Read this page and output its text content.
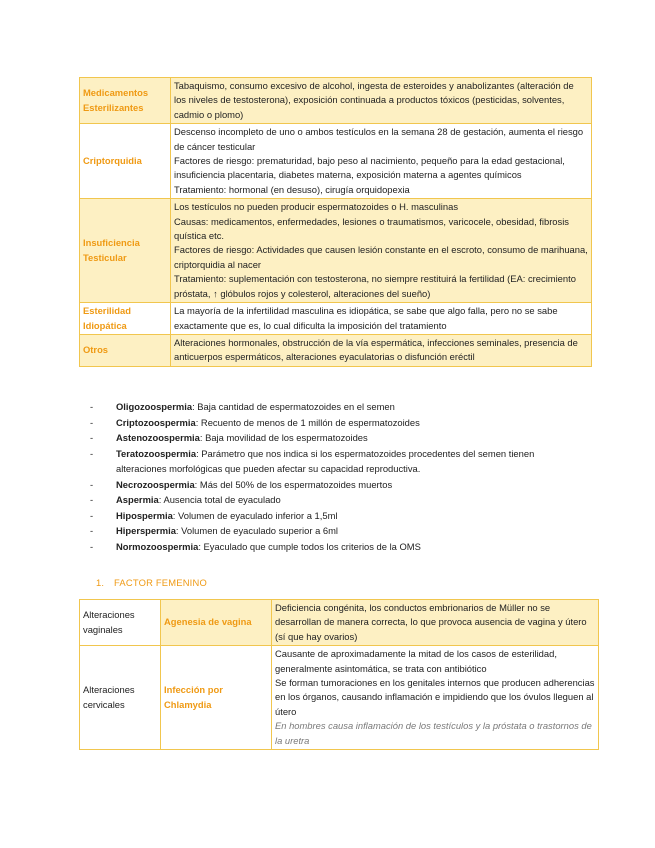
Medicamentos Esterilizantes	Tabaquismo, consumo excesivo de alcohol, ingesta de esteroides y anabolizantes (alteración de los niveles de testosterona), exposición continuada a productos tóxicos (pesticidas, solventes, cadmio o plomo)

Criptorquidia	Descenso incompleto de uno o ambos testículos en la semana 28 de gestación, aumenta el riesgo de cáncer testicular
Factores de riesgo: prematuridad, bajo peso al nacimiento, pequeño para la edad gestacional, insuficiencia placentaria, diabetes materna, exposición materna a agentes químicos
Tratamiento: hormonal (en desuso), cirugía orquidopexia

Insuficiencia Testicular	Los testículos no pueden producir espermatozoides o H. masculinas
Causas: medicamentos, enfermedades, lesiones o traumatismos, varicocele, obesidad, fibrosis quística etc.
Factores de riesgo: Actividades que causen lesión constante en el escroto, consumo de marihuana, criptorquidia al nacer
Tratamiento: suplementación con testosterona, no siempre restituirá la fertilidad (EA: crecimiento próstata, ↑ glóbulos rojos y colesterol, alteraciones del sueño)

Esterilidad Idiopática	La mayoría de la infertilidad masculina es idiopática, se sabe que algo falla, pero no se sabe exactamente que es, lo cual dificulta la imposición del tratamiento

Otros	Alteraciones hormonales, obstrucción de la vía espermática, infecciones seminales, presencia de anticuerpos espermáticos, alteraciones eyaculatorias o disfunción eréctil
- Oligozoospermia: Baja cantidad de espermatozoides en el semen
- Criptozoospermia: Recuento de menos de 1 millón de espermatozoides
- Astenozoospermia: Baja movilidad de los espermatozoides
- Teratozoospermia: Parámetro que nos indica si los espermatozoides procedentes del semen tienen alteraciones morfológicas que pueden afectar su capacidad reproductiva.
- Necrozoospermia: Más del 50% de los espermatozoides muertos
- Aspermia: Ausencia total de eyaculado
- Hipospermia: Volumen de eyaculado inferior a 1,5ml
- Hiperspermia: Volumen de eyaculado superior a 6ml
- Normozoospermia: Eyaculado que cumple todos los criterios de la OMS
1. FACTOR FEMENINO
Alteraciones vaginales	Agenesia de vagina	Deficiencia congénita, los conductos embrionarios de Müller no se desarrollan de manera correcta, lo que provoca ausencia de vagina y útero (sí que hay ovarios)
Alteraciones cervicales	Infección por Chlamydia	Causante de aproximadamente la mitad de los casos de esterilidad, generalmente asintomática, se trata con antibiótico
Se forman tumoraciones en los genitales internos que producen adherencias en los órganos, causando inflamación e impidiendo que los óvulos lleguen al útero
En hombres causa inflamación de los testículos y la próstata o trastornos de la uretra
